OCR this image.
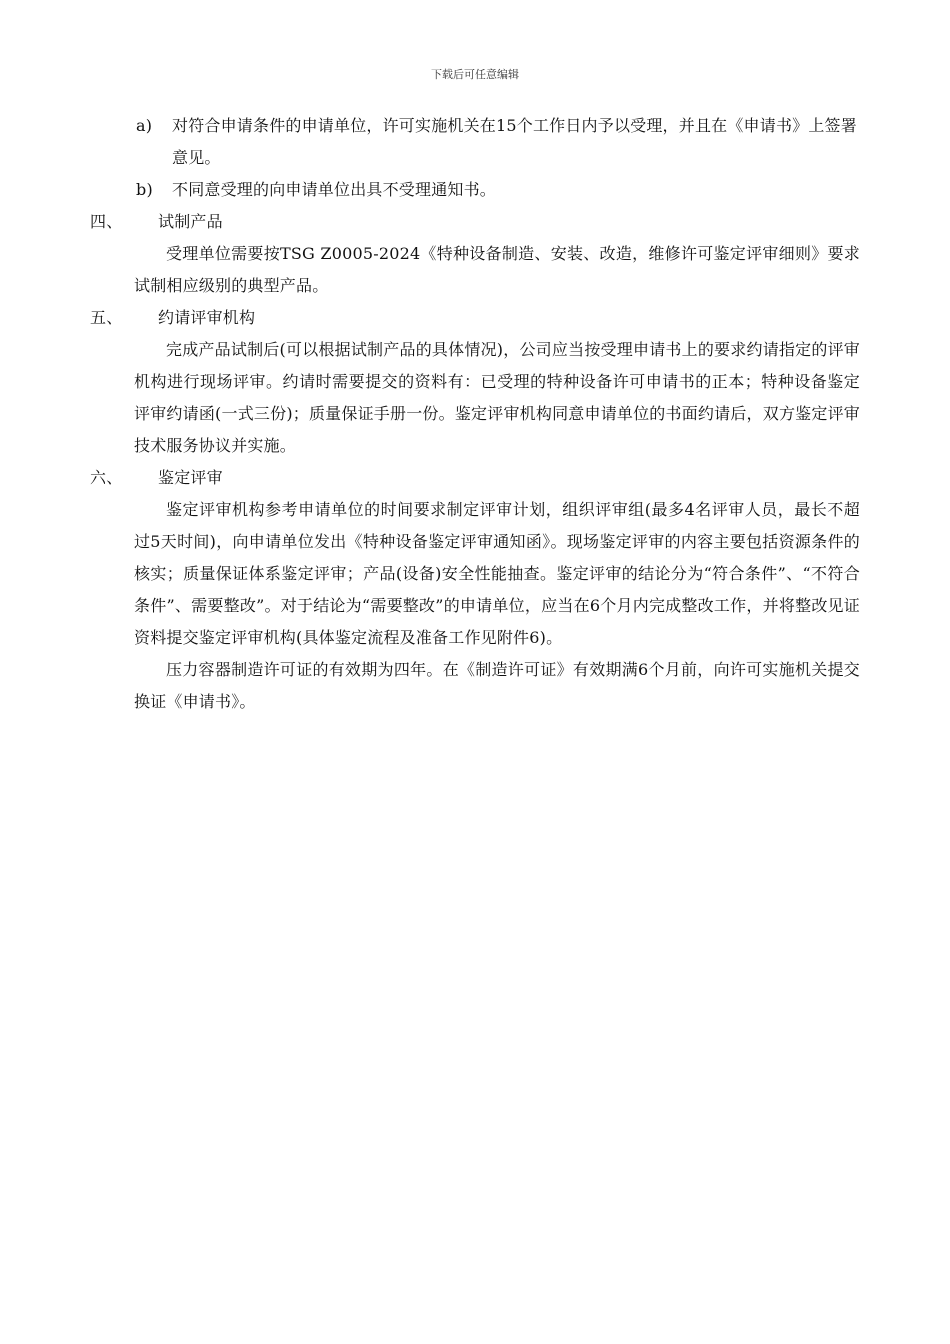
下载后可任意编辑
a) 对符合申请条件的申请单位，许可实施机关在15个工作日内予以受理，并且在《申请书》上签署意见。
b) 不同意受理的向申请单位出具不受理通知书。
四、 试制产品
受理单位需要按TSG Z0005-2024《特种设备制造、安装、改造，维修许可鉴定评审细则》要求试制相应级别的典型产品。
五、 约请评审机构
完成产品试制后(可以根据试制产品的具体情况)，公司应当按受理申请书上的要求约请指定的评审机构进行现场评审。约请时需要提交的资料有：已受理的特种设备许可申请书的正本；特种设备鉴定评审约请函(一式三份)；质量保证手册一份。鉴定评审机构同意申请单位的书面约请后，双方鉴定评审技术服务协议并实施。
六、 鉴定评审
鉴定评审机构参考申请单位的时间要求制定评审计划，组织评审组(最多4名评审人员，最长不超过5天时间)，向申请单位发出《特种设备鉴定评审通知函》。现场鉴定评审的内容主要包括资源条件的核实；质量保证体系鉴定评审；产品(设备)安全性能抽查。鉴定评审的结论分为“符合条件”、“不符合条件”、需要整改”。对于结论为“需要整改”的申请单位，应当在6个月内完成整改工作，并将整改见证资料提交鉴定评审机构(具体鉴定流程及准备工作见附件6)。
压力容器制造许可证的有效期为四年。在《制造许可证》有效期满6个月前，向许可实施机关提交换证《申请书》。
